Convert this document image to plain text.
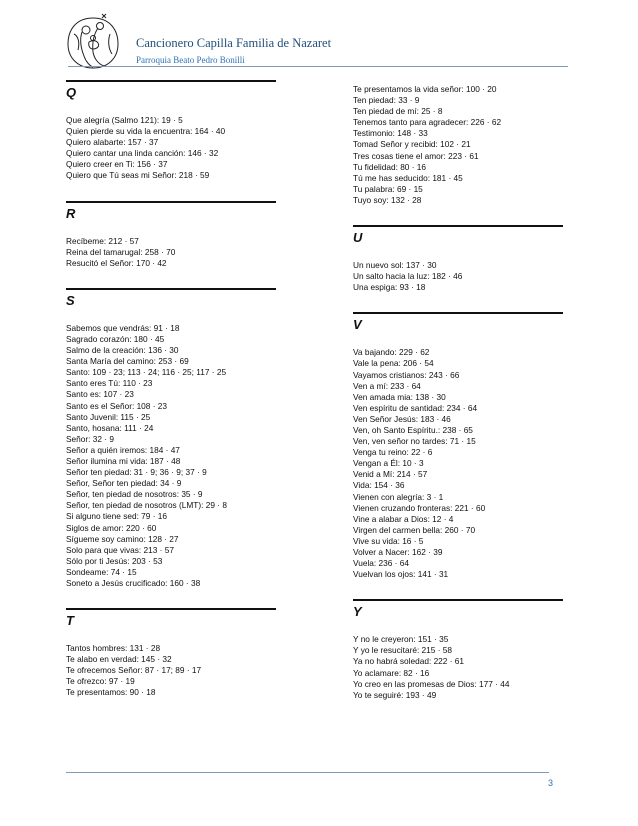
Cancionero Capilla Familia de Nazaret
Parroquia Beato Pedro Bonilli
Q
Que alegría (Salmo 121): 19 · 5
Quien pierde su vida la encuentra: 164 · 40
Quiero alabarte: 157 · 37
Quiero cantar una linda canción: 146 · 32
Quiero creer en Ti: 156 · 37
Quiero que Tú seas mi Señor: 218 · 59
R
Recíbeme: 212 · 57
Reina del tamarugal: 258 · 70
Resucitó el Señor: 170 · 42
S
Sabemos que vendrás: 91 · 18
Sagrado corazón: 180 · 45
Salmo de la creación: 136 · 30
Santa María del camino: 253 · 69
Santo: 109 · 23; 113 · 24; 116 · 25; 117 · 25
Santo eres Tú: 110 · 23
Santo es: 107 · 23
Santo es el Señor: 108 · 23
Santo Juvenil: 115 · 25
Santo, hosana: 111 · 24
Señor: 32 · 9
Señor a quién iremos: 184 · 47
Señor ilumina mi vida: 187 · 48
Señor ten piedad: 31 · 9; 36 · 9; 37 · 9
Señor, Señor ten piedad: 34 · 9
Señor, ten piedad de nosotros: 35 · 9
Señor, ten piedad de nosotros (LMT): 29 · 8
Si alguno tiene sed: 79 · 16
Siglos de amor: 220 · 60
Sígueme soy camino: 128 · 27
Solo para que vivas: 213 · 57
Sólo por ti Jesús: 203 · 53
Sondeame: 74 · 15
Soneto a Jesús crucificado: 160 · 38
T
Tantos hombres: 131 · 28
Te alabo en verdad: 145 · 32
Te ofrecemos Señor: 87 · 17; 89 · 17
Te ofrezco: 97 · 19
Te presentamos: 90 · 18
Te presentamos la vida señor: 100 · 20
Ten piedad: 33 · 9
Ten piedad de mí: 25 · 8
Tenemos tanto para agradecer: 226 · 62
Testimonio: 148 · 33
Tomad Señor y recibid: 102 · 21
Tres cosas tiene el amor: 223 · 61
Tu fidelidad: 80 · 16
Tú me has seducido: 181 · 45
Tu palabra: 69 · 15
Tuyo soy: 132 · 28
U
Un nuevo sol: 137 · 30
Un salto hacia la luz: 182 · 46
Una espiga: 93 · 18
V
Va bajando: 229 · 62
Vale la pena: 206 · 54
Vayamos cristianos: 243 · 66
Ven a mí: 233 · 64
Ven amada mia: 138 · 30
Ven espíritu de santidad: 234 · 64
Ven Señor Jesús: 183 · 46
Ven, oh Santo Espíritu.: 238 · 65
Ven, ven señor no tardes: 71 · 15
Venga tu reino: 22 · 6
Vengan a Él: 10 · 3
Venid a Mí: 214 · 57
Vida: 154 · 36
Vienen con alegría: 3 · 1
Vienen cruzando fronteras: 221 · 60
Vine a alabar a Dios: 12 · 4
Virgen del carmen bella: 260 · 70
Vive su vida: 16 · 5
Volver a Nacer: 162 · 39
Vuela: 236 · 64
Vuelvan los ojos: 141 · 31
Y
Y no le creyeron: 151 · 35
Y yo le resucitaré: 215 · 58
Ya no habrá soledad: 222 · 61
Yo aclamare: 82 · 16
Yo creo en las promesas de Dios: 177 · 44
Yo te seguiré: 193 · 49
3
